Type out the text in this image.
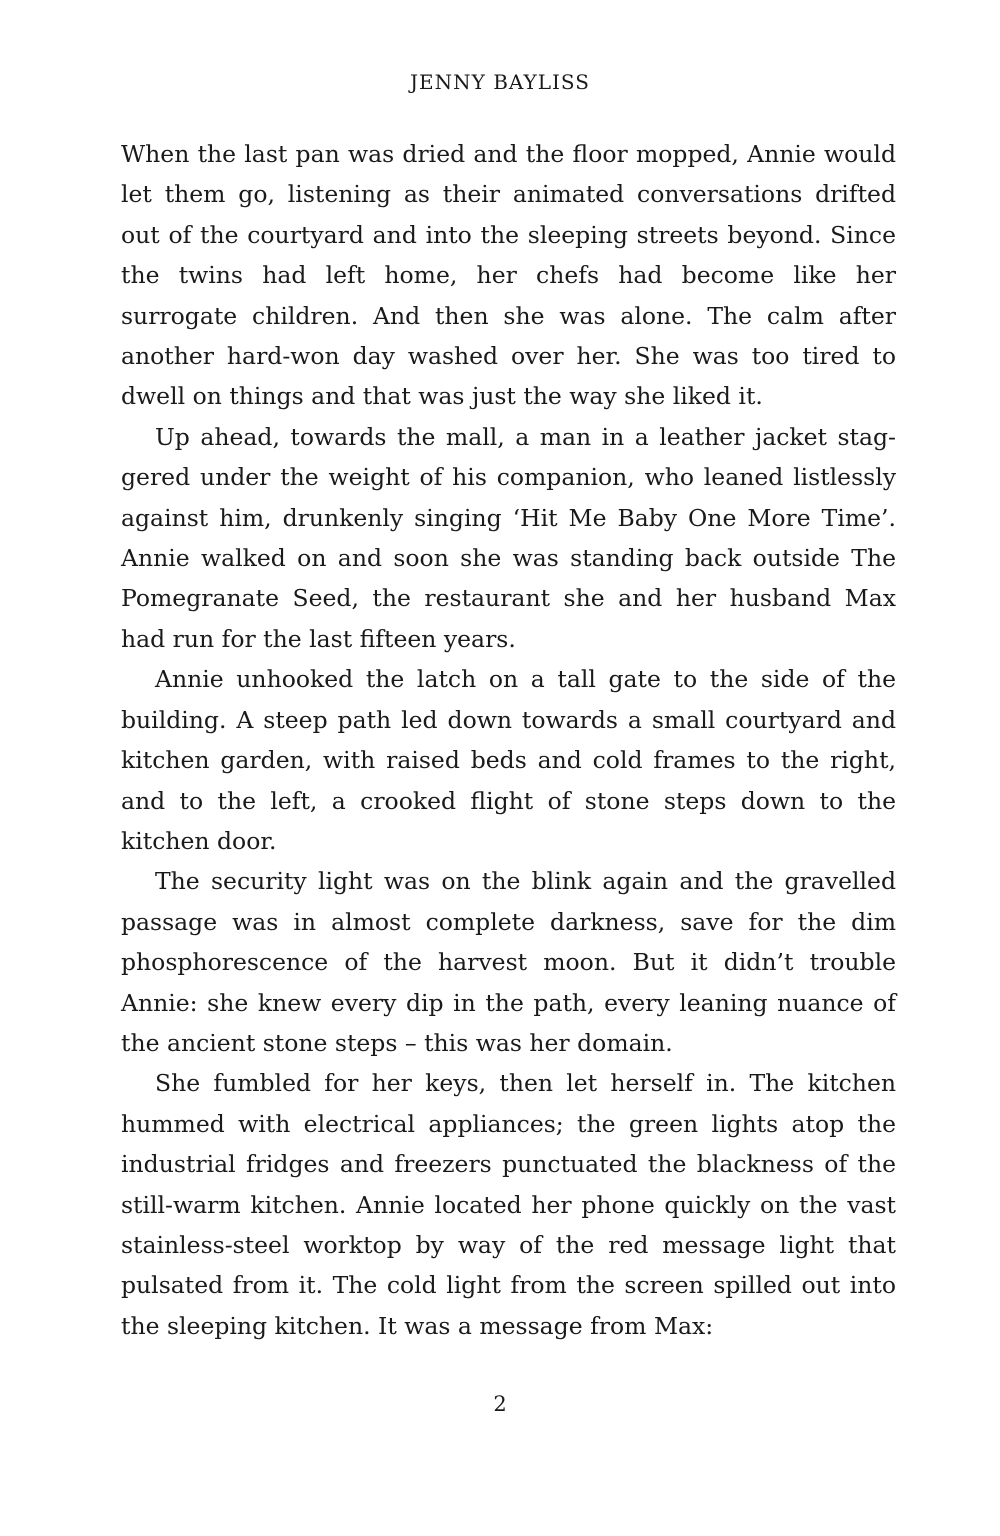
JENNY BAYLISS

When the last pan was dried and the floor mopped, Annie would let them go, listening as their animated conversations drifted out of the courtyard and into the sleeping streets beyond. Since the twins had left home, her chefs had become like her surrogate children. And then she was alone. The calm after another hard-won day washed over her. She was too tired to dwell on things and that was just the way she liked it.

Up ahead, towards the mall, a man in a leather jacket staggered under the weight of his companion, who leaned listlessly against him, drunkenly singing ‘Hit Me Baby One More Time’. Annie walked on and soon she was standing back outside The Pomegranate Seed, the restaurant she and her husband Max had run for the last fifteen years.

Annie unhooked the latch on a tall gate to the side of the building. A steep path led down towards a small courtyard and kitchen garden, with raised beds and cold frames to the right, and to the left, a crooked flight of stone steps down to the kitchen door.

The security light was on the blink again and the gravelled passage was in almost complete darkness, save for the dim phosphorescence of the harvest moon. But it didn’t trouble Annie: she knew every dip in the path, every leaning nuance of the ancient stone steps – this was her domain.

She fumbled for her keys, then let herself in. The kitchen hummed with electrical appliances; the green lights atop the industrial fridges and freezers punctuated the blackness of the still-warm kitchen. Annie located her phone quickly on the vast stainless-steel worktop by way of the red message light that pulsated from it. The cold light from the screen spilled out into the sleeping kitchen. It was a message from Max:

2
